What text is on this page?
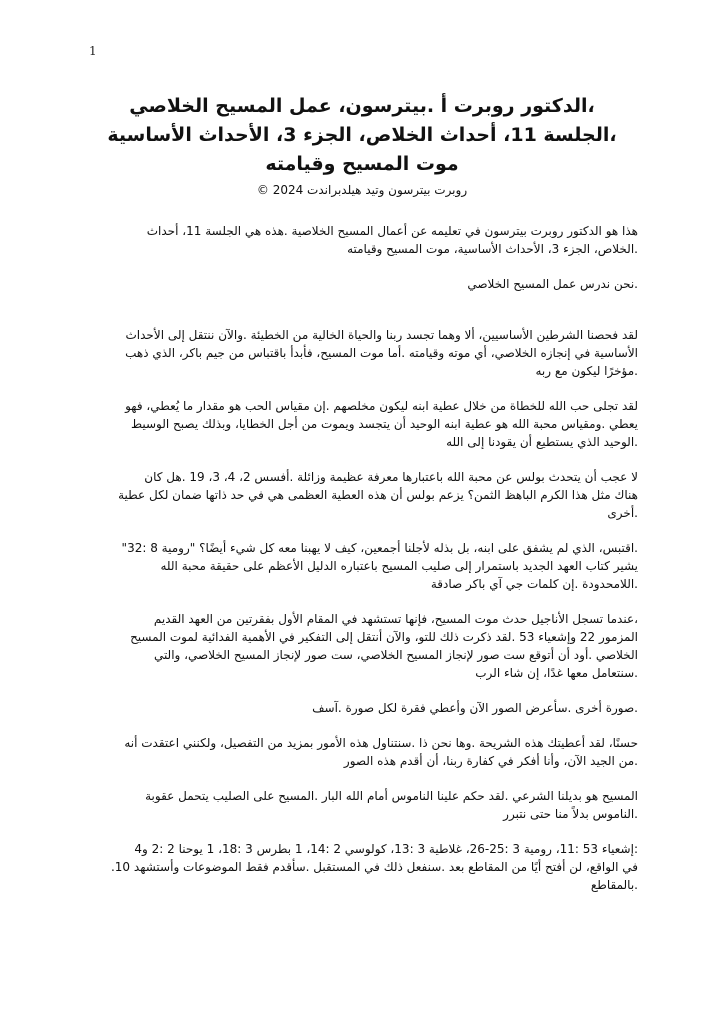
1
،الدكتور روبرت أ .بيترسون، عمل المسيح الخلاصي
،الجلسة 11، أحداث الخلاص، الجزء 3، الأحداث الأساسية
موت المسيح وقيامته
روبرت بيترسون وتيد هيلدبراندت 2024 ©

هذا هو الدكتور روبرت بيترسون في تعليمه عن أعمال المسيح الخلاصية .هذه هي الجلسة 11، أحداث
.الخلاص، الجزء 3، الأحداث الأساسية، موت المسيح وقيامته

.نحن ندرس عمل المسيح الخلاصي

لقد فحصنا الشرطين الأساسيين، ألا وهما تجسد ربنا والحياة الخالية من الخطيئة .والآن ننتقل إلى الأحداث
الأساسية في إنجازه الخلاصي، أي موته وقيامته .أما موت المسيح، فأبدأ باقتباس من جيم باكر، الذي ذهب
.مؤخرًا ليكون مع ربه

لقد تجلى حب الله للخطاة من خلال عطية ابنه ليكون مخلصهم .إن مقياس الحب هو مقدار ما يُعطي، فهو
يعطي .ومقياس محبة الله هو عطية ابنه الوحيد أن يتجسد ويموت من أجل الخطايا، وبذلك يصبح الوسيط
.الوحيد الذي يستطيع أن يقودنا إلى الله

لا عجب أن يتحدث بولس عن محبة الله باعتبارها معرفة عظيمة وزائلة .أفسس 2، 4، 3، 19 .هل كان
هناك مثل هذا الكرم الباهظ الثمن؟ يزعم بولس أن هذه العطية العظمى هي في حد ذاتها ضمان لكل عطية
.أخرى

.اقتبس، الذي لم يشفق على ابنه، بل بذله لأجلنا أجمعين، كيف لا يهبنا معه كل شيء أيضًا؟ "رومية 8 :32"
يشير كتاب العهد الجديد باستمرار إلى صليب المسيح باعتباره الدليل الأعظم على حقيقة محبة الله
.اللامحدودة .إن كلمات جي آي باكر صادقة

،عندما تسجل الأناجيل حدث موت المسيح، فإنها تستشهد في المقام الأول بفقرتين من العهد القديم
المزمور 22 وإشعياء 53 .لقد ذكرت ذلك للتو، والآن أنتقل إلى التفكير في الأهمية الفدائية لموت المسيح
الخلاصي .أود أن أتوقع ست صور لإنجاز المسيح الخلاصي، ست صور لإنجاز المسيح الخلاصي، والتي
.سنتعامل معها غدًا، إن شاء الرب

.صورة أخرى .سأعرض الصور الآن وأعطي فقرة لكل صورة .آسف

حسنًا، لقد أعطيتك هذه الشريحة .وها نحن ذا .سنتناول هذه الأمور بمزيد من التفصيل، ولكنني اعتقدت أنه
.من الجيد الآن، وأنا أفكر في كفارة ربنا، أن أقدم هذه الصور

المسيح هو بديلنا الشرعي .لقد حكم علينا الناموس أمام الله البار .المسيح على الصليب يتحمل عقوبة
.الناموس بدلاً منا حتى نتبرر

:إشعياء 53 :11، رومية 3 :25-26، غلاطية 3 :13، كولوسي 2 :14، 1 بطرس 3 :18، 1 يوحنا 2 :2 و4
في الواقع، لن أفتح أيًا من المقاطع بعد .سنفعل ذلك في المستقبل .سأقدم فقط الموضوعات وأستشهد 10.
.بالمقاطع
